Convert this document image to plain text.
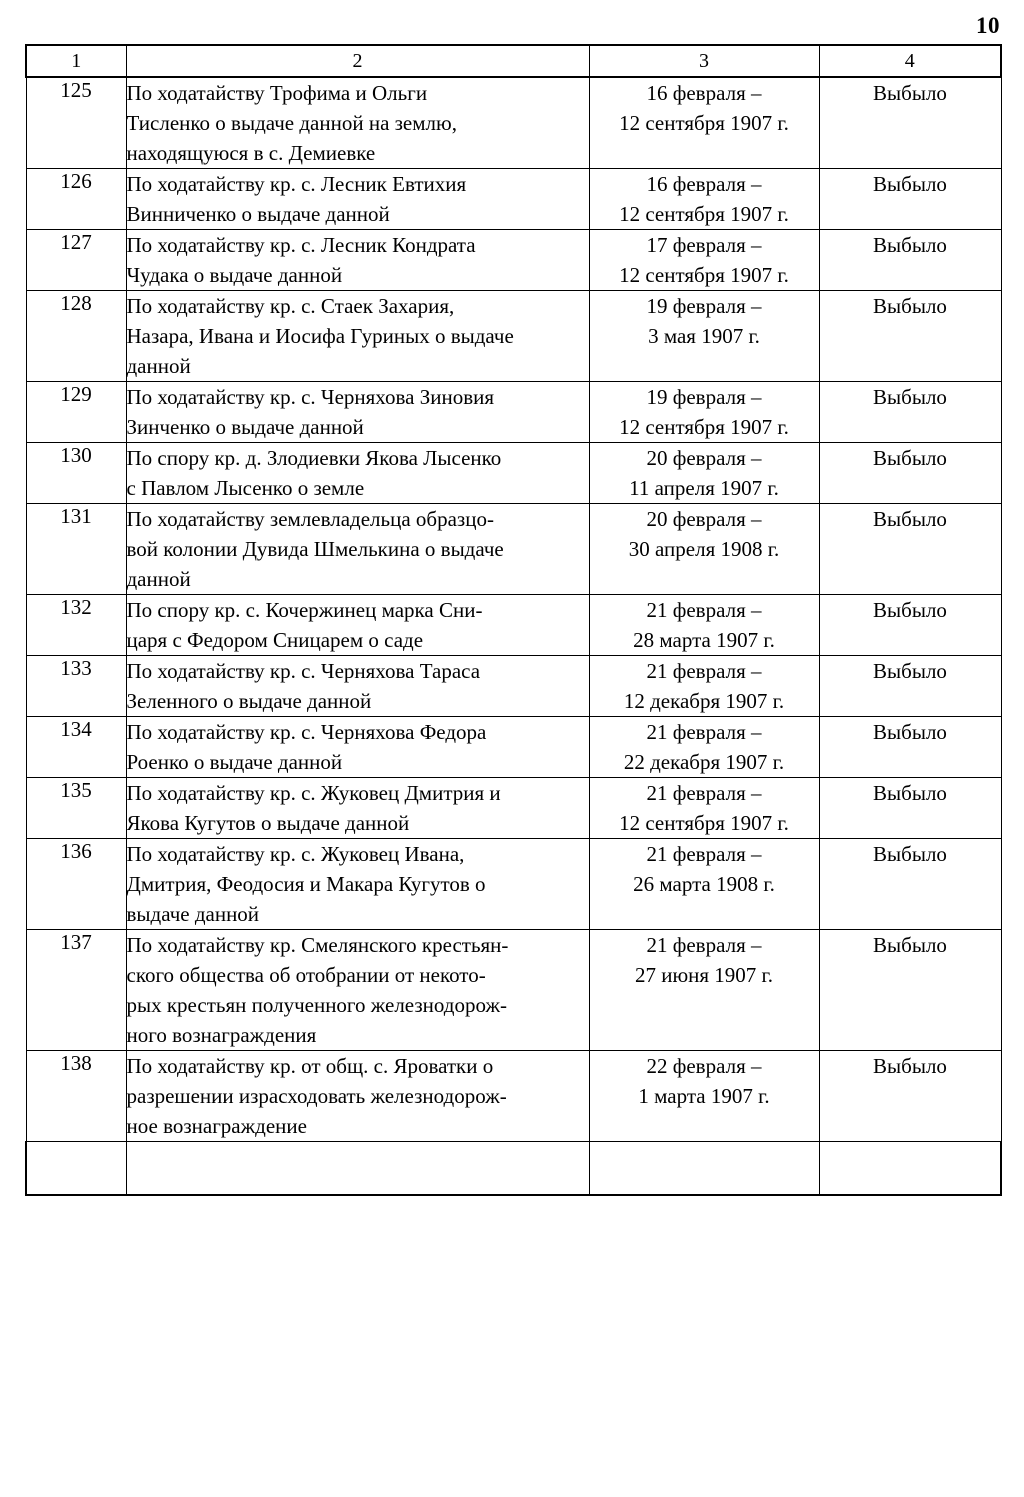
10
1	2	3	4
125	По ходатайству Трофима и Ольги
Тисленко о выдаче данной на землю,
находящуюся в с. Демиевке	16 февраля –
12 сентября 1907 г.	Выбыло
126	По ходатайству кр. с. Лесник Евтихия
Винниченко о выдаче данной	16 февраля –
12 сентября 1907 г.	Выбыло
127	По ходатайству кр. с. Лесник Кондрата
Чудака о выдаче данной	17 февраля –
12 сентября 1907 г.	Выбыло
128	По ходатайству кр. с. Стаек Захария,
Назара, Ивана и Иосифа Гуриных о выдаче
данной	19 февраля –
3 мая 1907 г.	Выбыло
129	По ходатайству кр. с. Черняхова Зиновия
Зинченко о выдаче данной	19 февраля –
12 сентября 1907 г.	Выбыло
130	По спору кр. д. Злодиевки Якова Лысенко
с Павлом Лысенко о земле	20 февраля –
11 апреля 1907 г.	Выбыло
131	По ходатайству землевладельца образцо-
вой колонии Дувида Шмелькина о выдаче
данной	20 февраля –
30 апреля 1908 г.	Выбыло
132	По спору кр. с. Кочержинец марка Сни-
царя с Федором Сницарем о саде	21 февраля –
28 марта 1907 г.	Выбыло
133	По ходатайству кр. с. Черняхова Тараса
Зеленного о выдаче данной	21 февраля –
12 декабря 1907 г.	Выбыло
134	По ходатайству кр. с. Черняхова Федора
Роенко о выдаче данной	21 февраля –
22 декабря 1907 г.	Выбыло
135	По ходатайству кр. с. Жуковец Дмитрия и
Якова Кугутов о выдаче данной	21 февраля –
12 сентября 1907 г.	Выбыло
136	По ходатайству кр. с. Жуковец Ивана,
Дмитрия, Феодосия и Макара Кугутов о
выдаче данной	21 февраля –
26 марта 1908 г.	Выбыло
137	По ходатайству кр. Смелянского крестьян-
ского общества об отобрании от некото-
рых крестьян полученного железнодорож-
ного вознаграждения	21 февраля –
27 июня 1907 г.	Выбыло
138	По ходатайству кр. от общ. с. Яроватки о
разрешении израсходовать железнодорож-
ное вознаграждение	22 февраля –
1 марта 1907 г.	Выбыло
